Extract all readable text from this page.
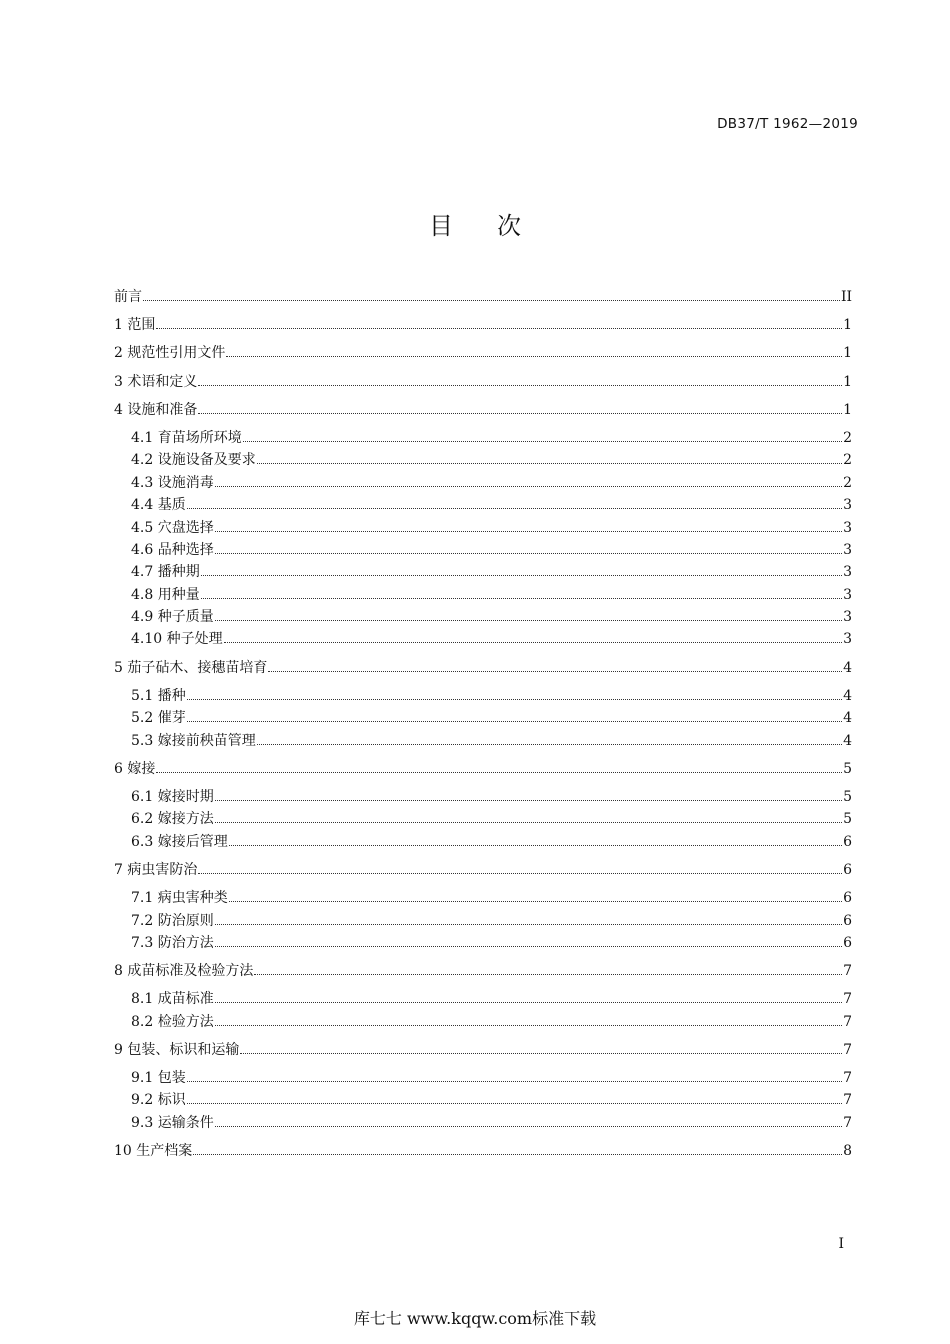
DB37/T 1962—2019
目次
前言	II
1 范围	1
2 规范性引用文件	1
3 术语和定义	1
4 设施和准备	1
4.1 育苗场所环境	2
4.2 设施设备及要求	2
4.3 设施消毒	2
4.4 基质	3
4.5 穴盘选择	3
4.6 品种选择	3
4.7 播种期	3
4.8 用种量	3
4.9 种子质量	3
4.10 种子处理	3
5 茄子砧木、接穗苗培育	4
5.1 播种	4
5.2 催芽	4
5.3 嫁接前秧苗管理	4
6 嫁接	5
6.1 嫁接时期	5
6.2 嫁接方法	5
6.3 嫁接后管理	6
7 病虫害防治	6
7.1 病虫害种类	6
7.2 防治原则	6
7.3 防治方法	6
8 成苗标准及检验方法	7
8.1 成苗标准	7
8.2 检验方法	7
9 包装、标识和运输	7
9.1 包装	7
9.2 标识	7
9.3 运输条件	7
10 生产档案	8
I
库七七 www.kqqw.com标准下载
